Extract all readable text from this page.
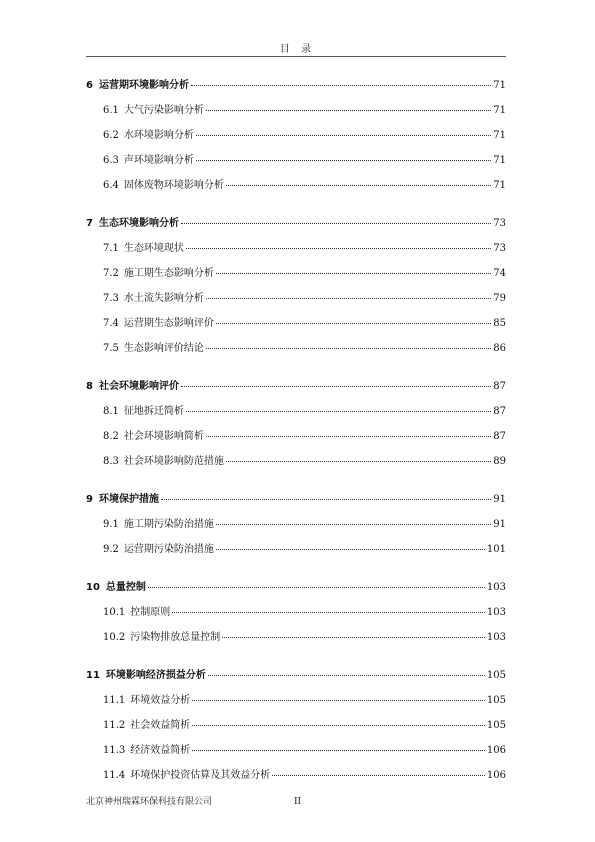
目 录
6 运营期环境影响分析	71
6.1 大气污染影响分析	71
6.2 水环境影响分析	71
6.3 声环境影响分析	71
6.4 固体废物环境影响分析	71
7 生态环境影响分析	73
7.1 生态环境现状	73
7.2 施工期生态影响分析	74
7.3 水土流失影响分析	79
7.4 运营期生态影响评价	85
7.5 生态影响评价结论	86
8 社会环境影响评价	87
8.1 征地拆迁简析	87
8.2 社会环境影响简析	87
8.3 社会环境影响防范措施	89
9 环境保护措施	91
9.1 施工期污染防治措施	91
9.2 运营期污染防治措施	101
10 总量控制	103
10.1 控制原则	103
10.2 污染物排放总量控制	103
11 环境影响经济损益分析	105
11.1 环境效益分析	105
11.2 社会效益简析	105
11.3 经济效益简析	106
11.4 环境保护投资估算及其效益分析	106
北京神州瑞霖环保科技有限公司	II
